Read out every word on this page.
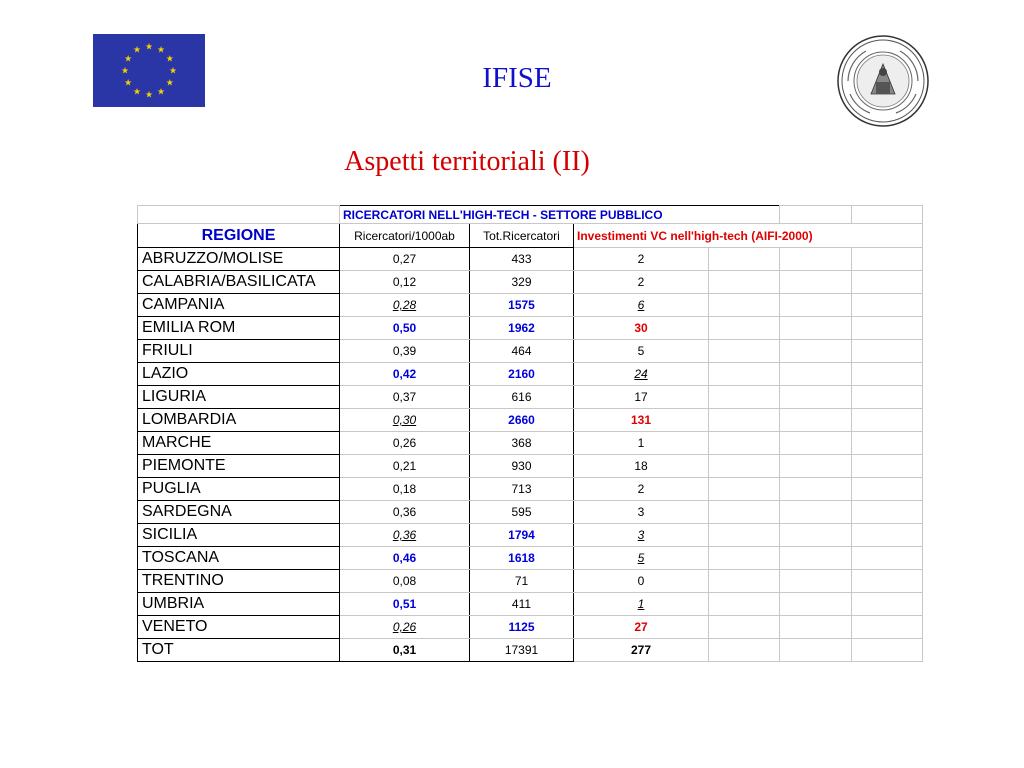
★ ★
★
★
★
★
★
★
★
★
★
★
IFISE
Aspetti territoriali (II)
	RICERCATORI NELL'HIGH-TECH - SETTORE PUBBLICO					
REGIONE	Ricercatori/1000ab	Tot.Ricercatori	Investimenti VC nell'high-tech (AIFI-2000)			
ABRUZZO/MOLISE	0,27	433	2			
CALABRIA/BASILICATA	0,12	329	2			
CAMPANIA	0,28	1575	6			
EMILIA ROM	0,50	1962	30			
FRIULI	0,39	464	5			
LAZIO	0,42	2160	24			
LIGURIA	0,37	616	17			
LOMBARDIA	0,30	2660	131			
MARCHE	0,26	368	1			
PIEMONTE	0,21	930	18			
PUGLIA	0,18	713	2			
SARDEGNA	0,36	595	3			
SICILIA	0,36	1794	3			
TOSCANA	0,46	1618	5			
TRENTINO	0,08	71	0			
UMBRIA	0,51	411	1			
VENETO	0,26	1125	27			
TOT	0,31	17391	277			
